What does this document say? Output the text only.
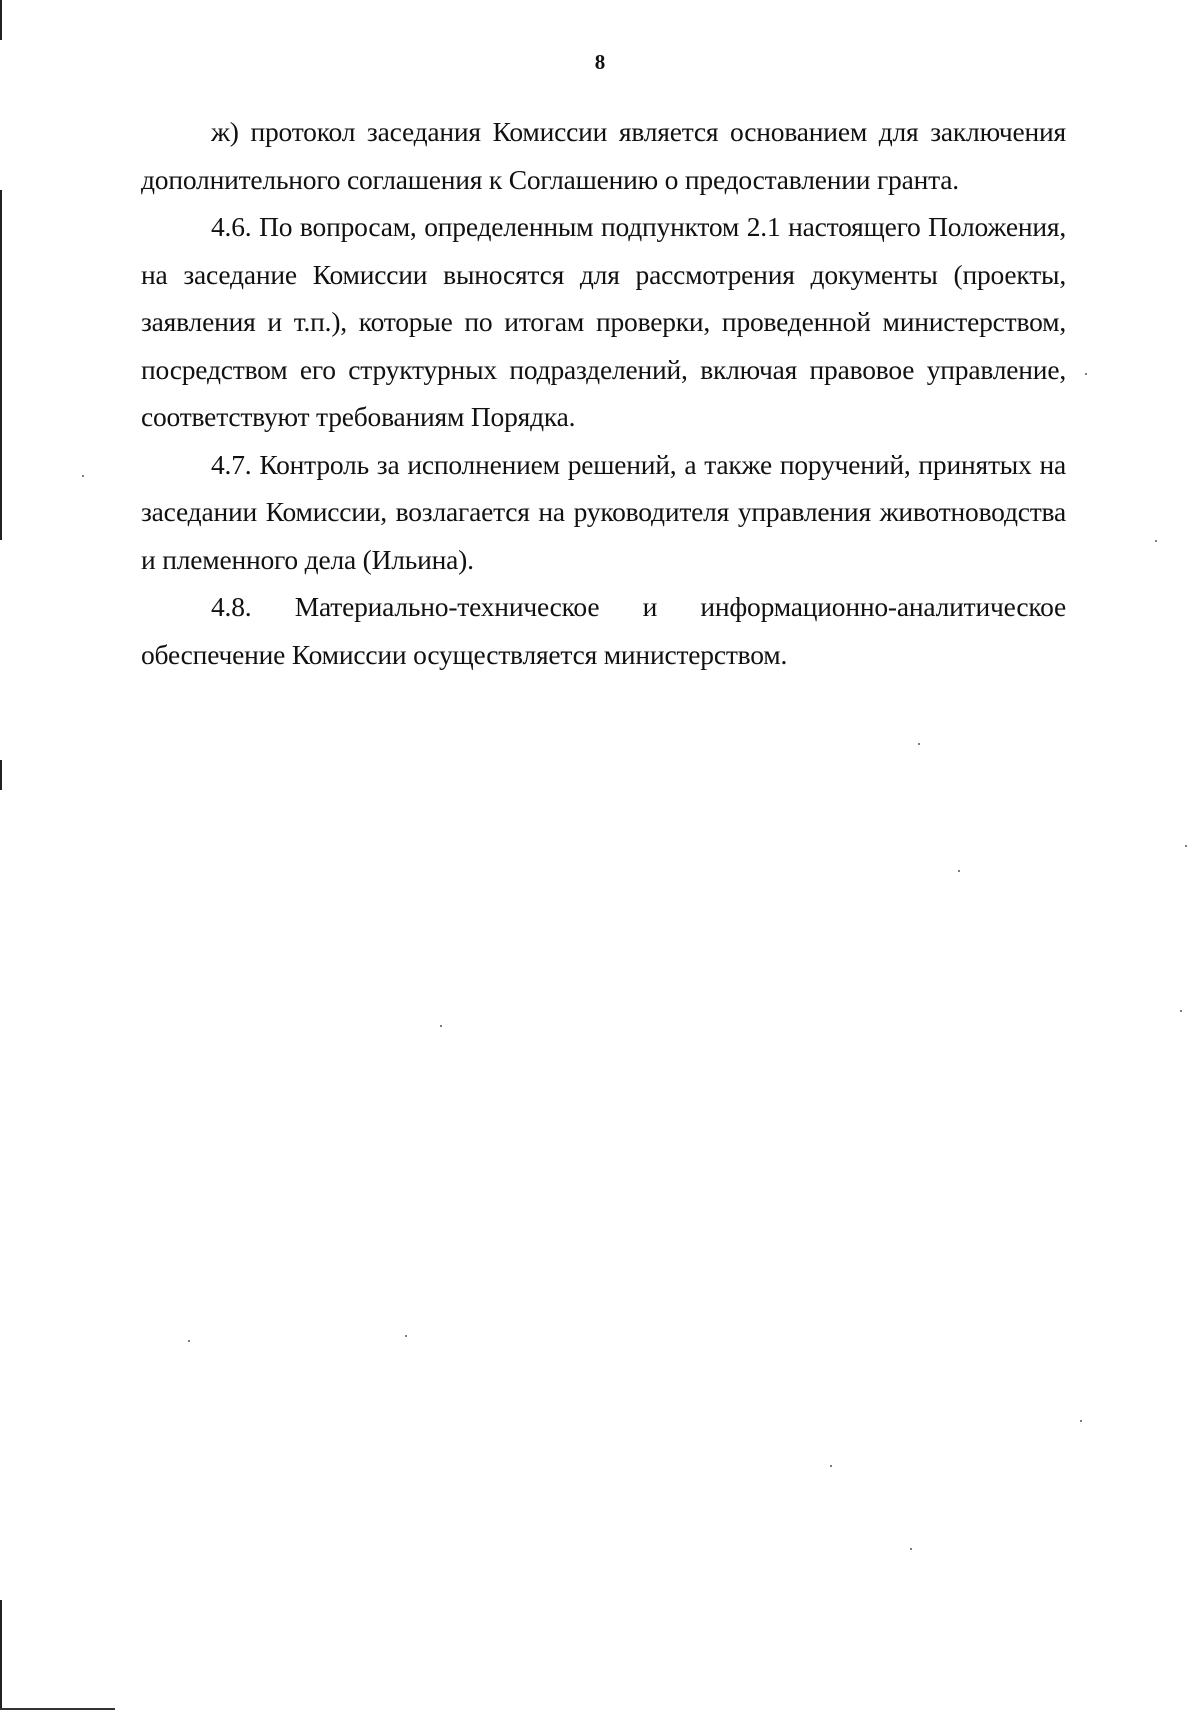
8

ж) протокол заседания Комиссии является основанием для заключения дополнительного соглашения к Соглашению о предоставлении гранта.

4.6. По вопросам, определенным подпунктом 2.1 настоящего Положения, на заседание Комиссии выносятся для рассмотрения документы (проекты, заявления и т.п.), которые по итогам проверки, проведенной министерством, посредством его структурных подразделений, включая правовое управление, соответствуют требованиям Порядка.

4.7. Контроль за исполнением решений, а также поручений, принятых на заседании Комиссии, возлагается на руководителя управления животноводства и племенного дела (Ильина).

4.8. Материально-техническое и информационно-аналитическое обеспечение Комиссии осуществляется министерством.
